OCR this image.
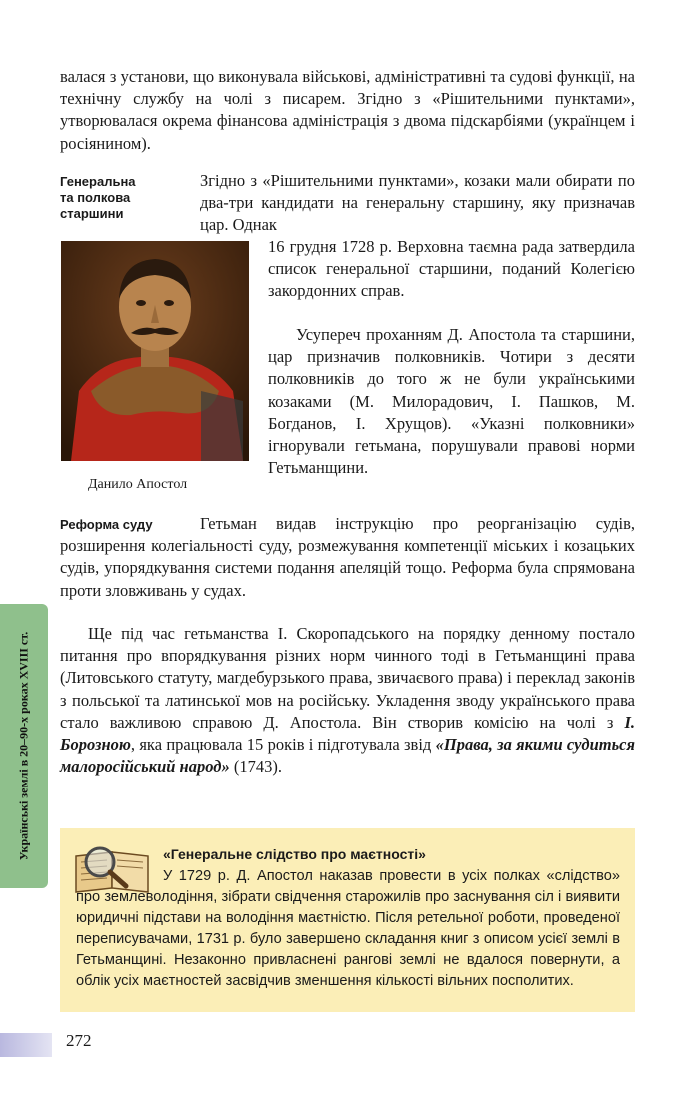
валася з установи, що виконувала військові, адміністративні та судові функції, на технічну службу на чолі з писарем. Згідно з «Рішительними пунктами», утворювалася окрема фінансова адміністрація з двома підскарбіями (українцем і росіянином).

Генеральна
та полкова
старшини

Згідно з «Рішительними пунктами», козаки мали обирати по два-три кандидати на генеральну старшину, яку призначав цар. Однак

16 грудня 1728 р. Верховна таємна рада затвердила список генеральної старшини, поданий Колегією закордонних справ.

Усупереч проханням Д. Апостола та старшини, цар призначив полковників. Чотири з десяти полковників до того ж не були українськими козаками (М. Милорадович, І. Пашков, М. Богданов, І. Хрущов). «Указні полковники» ігнорували гетьмана, порушували правові норми Гетьманщини.

Данило Апостол
Реформа суду	Гетьман видав інструкцію про реорганізацію судів, розширення колегіальності суду, розмежування компетенції міських і козацьких судів, упорядкування системи подання апеляцій тощо. Реформа була спрямована проти зловживань у судах.

Ще під час гетьманства І. Скоропадського на порядку денному постало питання про впорядкування різних норм чинного тоді в Гетьманщині права (Литовського статуту, магдебурзького права, звичаєвого права) і переклад законів з польської та латинської мов на російську. Укладення зводу українського права стало важливою справою Д. Апостола. Він створив комісію на чолі з І. Борозною, яка працювала 15 років і підготувала звід «Права, за якими судиться малоросійський народ» (1743).

Українські землі в 20–90-х роках XVIII ст.	«Генеральне слідство про маєтності»

У 1729 р. Д. Апостол наказав провести в усіх полках «слідство» про землеволодіння, зібрати свідчення старожилів про заснування сіл і виявити юридичні підстави на володіння маєтністю. Після ретельної роботи, проведеної переписувачами, 1731 р. було завершено складання книг з описом усієї землі в Гетьманщині. Незаконно привласнені рангові землі не вдалося повернути, а облік усіх маєтностей засвідчив зменшення кількості вільних посполитих.

272
